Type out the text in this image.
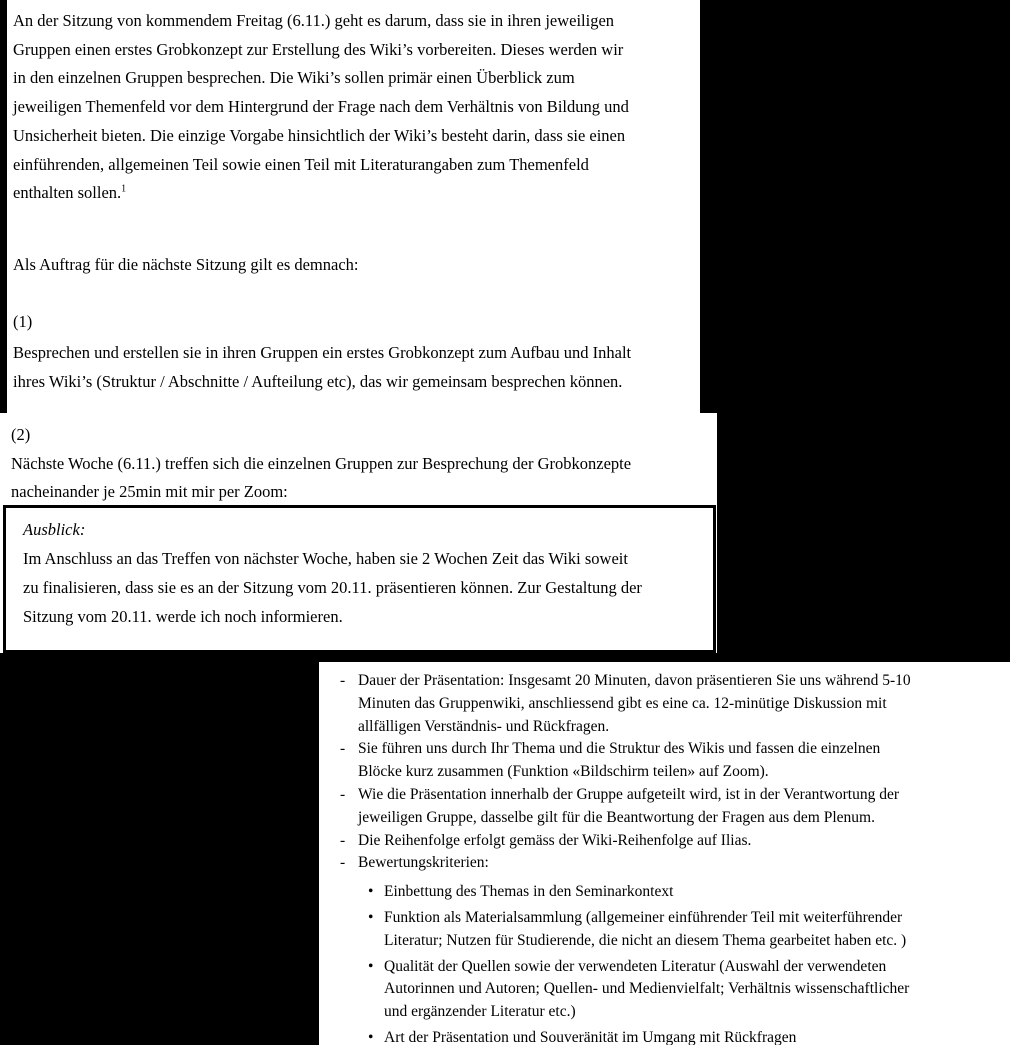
An der Sitzung von kommendem Freitag (6.11.) geht es darum, dass sie in ihren jeweiligen
Gruppen einen erstes Grobkonzept zur Erstellung des Wiki’s vorbereiten. Dieses werden wir
in den einzelnen Gruppen besprechen. Die Wiki’s sollen primär einen Überblick zum
jeweiligen Themenfeld vor dem Hintergrund der Frage nach dem Verhältnis von Bildung und
Unsicherheit bieten. Die einzige Vorgabe hinsichtlich der Wiki’s besteht darin, dass sie einen
einführenden, allgemeinen Teil sowie einen Teil mit Literaturangaben zum Themenfeld
enthalten sollen.$^1$
Als Auftrag für die nächste Sitzung gilt es demnach:
(1)
Besprechen und erstellen sie in ihren Gruppen ein erstes Grobkonzept zum Aufbau und Inhalt
ihres Wiki’s (Struktur / Abschnitte / Aufteilung etc), das wir gemeinsam besprechen können.
(2)
Nächste Woche (6.11.) treffen sich die einzelnen Gruppen zur Besprechung der Grobkonzepte
nacheinander je 25min mit mir per Zoom:
Ausblick:
Im Anschluss an das Treffen von nächster Woche, haben sie 2 Wochen Zeit das Wiki soweit
zu finalisieren, dass sie es an der Sitzung vom 20.11. präsentieren können. Zur Gestaltung der
Sitzung vom 20.11. werde ich noch informieren.
- Dauer der Präsentation: Insgesamt 20 Minuten, davon präsentieren Sie uns während 5-10
Minuten das Gruppenwiki, anschliessend gibt es eine ca. 12-minütige Diskussion mit
allfälligen Verständnis- und Rückfragen.
- Sie führen uns durch Ihr Thema und die Struktur des Wikis und fassen die einzelnen
Blöcke kurz zusammen (Funktion «Bildschirm teilen» auf Zoom).
- Wie die Präsentation innerhalb der Gruppe aufgeteilt wird, ist in der Verantwortung der
jeweiligen Gruppe, dasselbe gilt für die Beantwortung der Fragen aus dem Plenum.
- Die Reihenfolge erfolgt gemäss der Wiki-Reihenfolge auf Ilias.
- Bewertungskriterien:
• Einbettung des Themas in den Seminarkontext
• Funktion als Materialsammlung (allgemeiner einführender Teil mit weiterführender
Literatur; Nutzen für Studierende, die nicht an diesem Thema gearbeitet haben etc. )
• Qualität der Quellen sowie der verwendeten Literatur (Auswahl der verwendeten
Autorinnen und Autoren; Quellen- und Medienvielfalt; Verhältnis wissenschaftlicher
und ergänzender Literatur etc.)
• Art der Präsentation und Souveränität im Umgang mit Rückfragen
